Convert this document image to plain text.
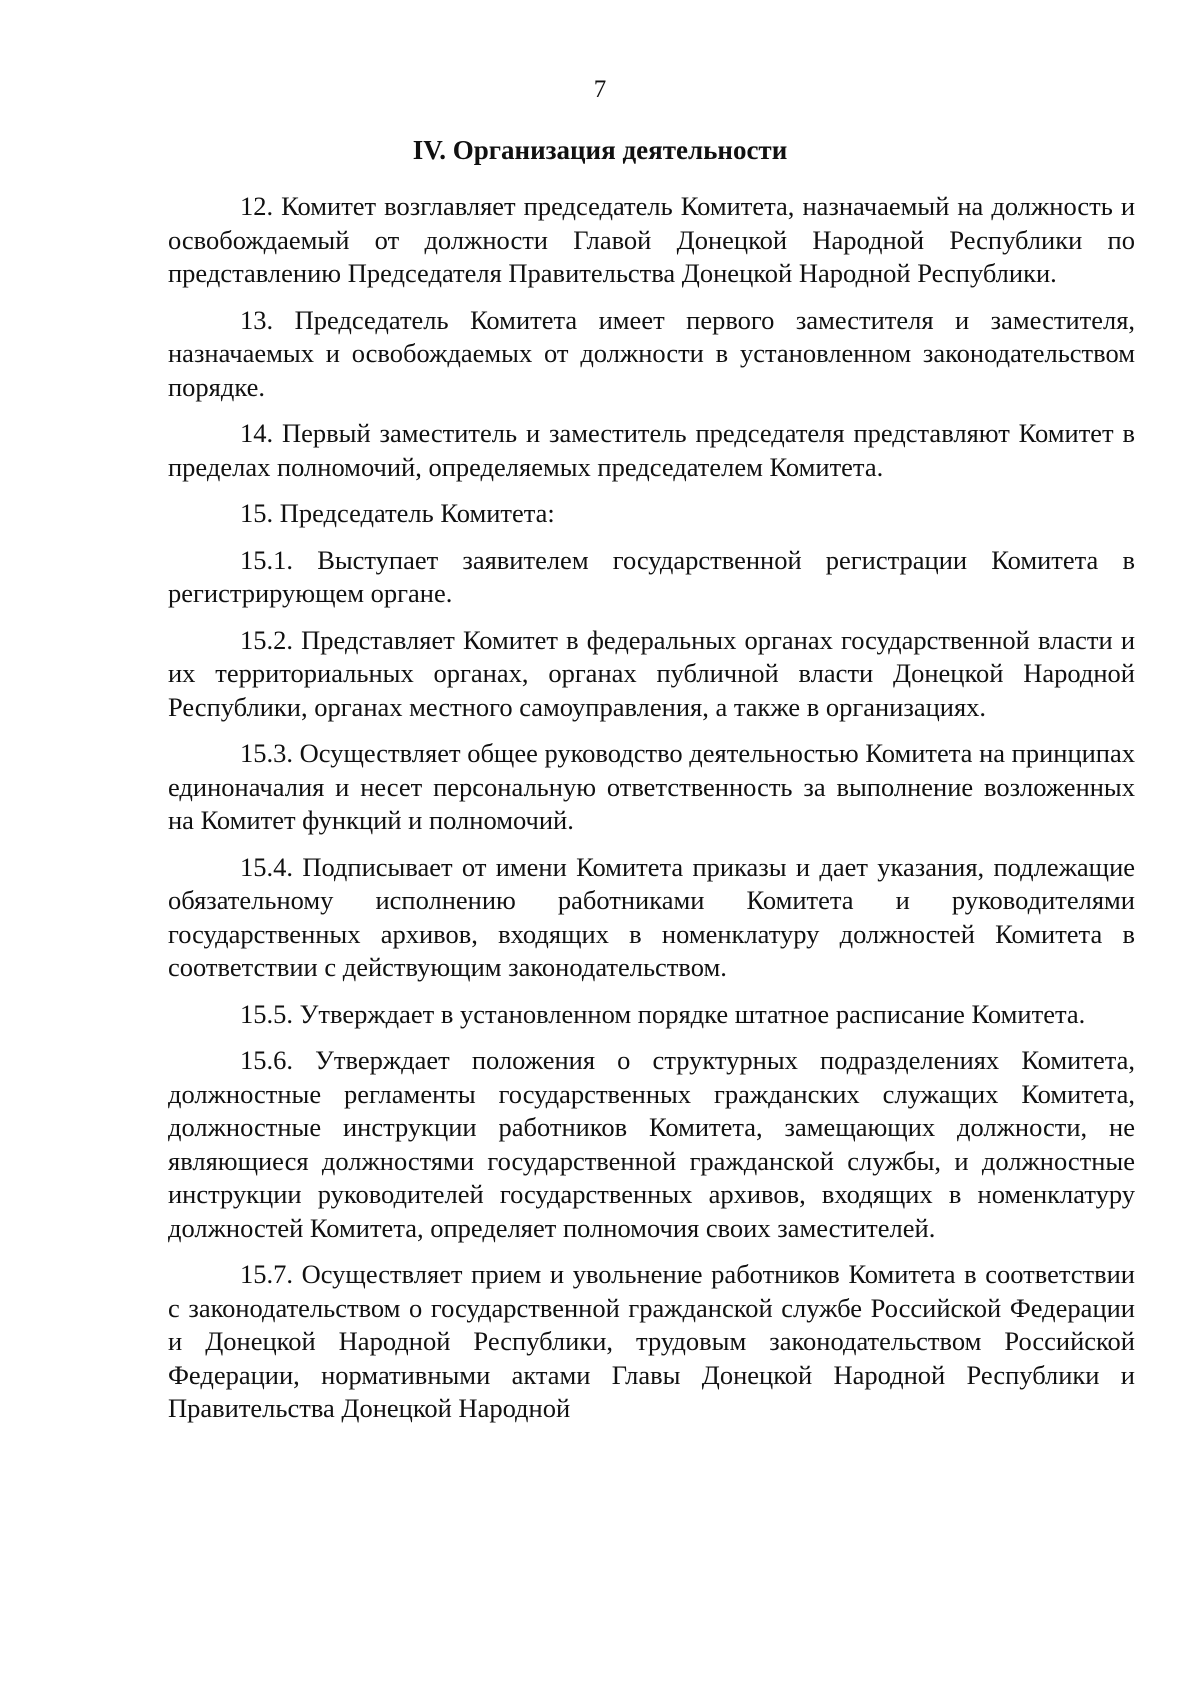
7
IV. Организация деятельности

12. Комитет возглавляет председатель Комитета, назначаемый на должность и освобождаемый от должности Главой Донецкой Народной Республики по представлению Председателя Правительства Донецкой Народной Республики.

13. Председатель Комитета имеет первого заместителя и заместителя, назначаемых и освобождаемых от должности в установленном законодательством порядке.

14. Первый заместитель и заместитель председателя представляют Комитет в пределах полномочий, определяемых председателем Комитета.

15. Председатель Комитета:

15.1. Выступает заявителем государственной регистрации Комитета в регистрирующем органе.

15.2. Представляет Комитет в федеральных органах государственной власти и их территориальных органах, органах публичной власти Донецкой Народной Республики, органах местного самоуправления, а также в организациях.

15.3. Осуществляет общее руководство деятельностью Комитета на принципах единоначалия и несет персональную ответственность за выполнение возложенных на Комитет функций и полномочий.

15.4. Подписывает от имени Комитета приказы и дает указания, подлежащие обязательному исполнению работниками Комитета и руководителями государственных архивов, входящих в номенклатуру должностей Комитета в соответствии с действующим законодательством.

15.5. Утверждает в установленном порядке штатное расписание Комитета.

15.6. Утверждает положения о структурных подразделениях Комитета, должностные регламенты государственных гражданских служащих Комитета, должностные инструкции работников Комитета, замещающих должности, не являющиеся должностями государственной гражданской службы, и должностные инструкции руководителей государственных архивов, входящих в номенклатуру должностей Комитета, определяет полномочия своих заместителей.

15.7. Осуществляет прием и увольнение работников Комитета в соответствии с законодательством о государственной гражданской службе Российской Федерации и Донецкой Народной Республики, трудовым законодательством Российской Федерации, нормативными актами Главы Донецкой Народной Республики и Правительства Донецкой Народной
